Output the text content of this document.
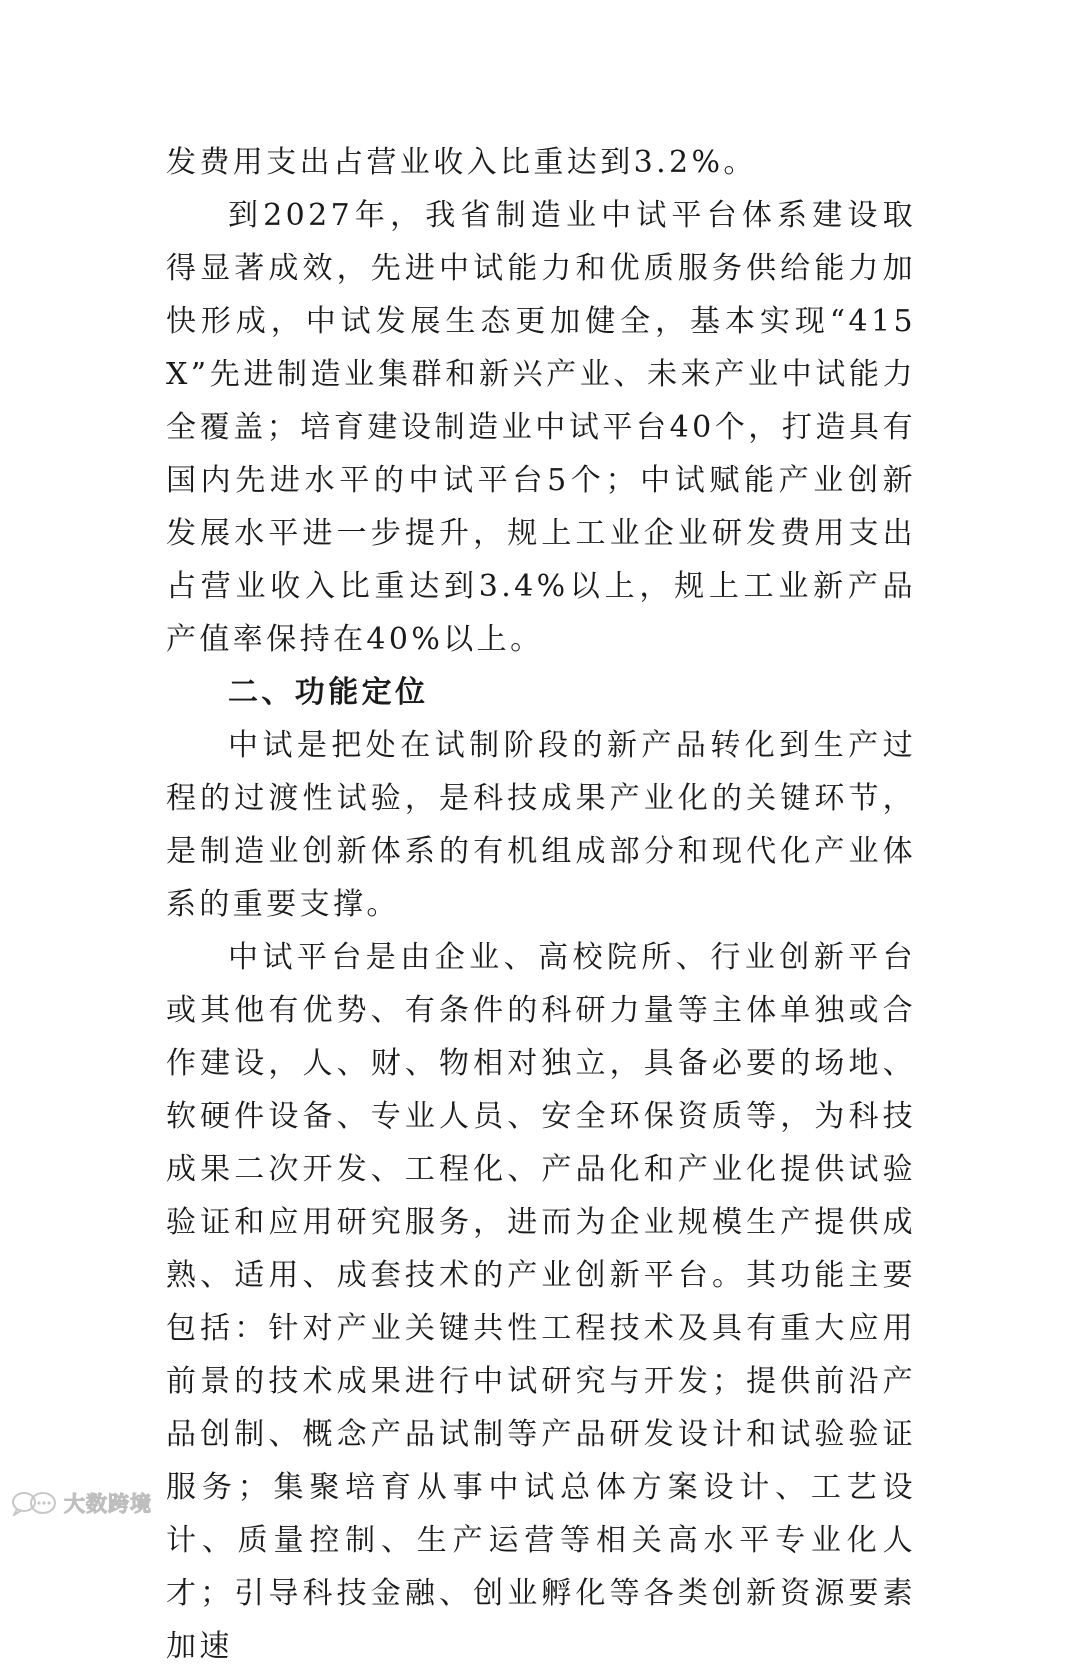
发费用支出占营业收入比重达到3.2%。

到2027年，我省制造业中试平台体系建设取得显著成效，先进中试能力和优质服务供给能力加快形成，中试发展生态更加健全，基本实现“415X”先进制造业集群和新兴产业、未来产业中试能力全覆盖；培育建设制造业中试平台40个，打造具有国内先进水平的中试平台5个；中试赋能产业创新发展水平进一步提升，规上工业企业研发费用支出占营业收入比重达到3.4%以上，规上工业新产品产值率保持在40%以上。

二、功能定位

中试是把处在试制阶段的新产品转化到生产过程的过渡性试验，是科技成果产业化的关键环节，是制造业创新体系的有机组成部分和现代化产业体系的重要支撑。

中试平台是由企业、高校院所、行业创新平台或其他有优势、有条件的科研力量等主体单独或合作建设，人、财、物相对独立，具备必要的场地、软硬件设备、专业人员、安全环保资质等，为科技成果二次开发、工程化、产品化和产业化提供试验验证和应用研究服务，进而为企业规模生产提供成熟、适用、成套技术的产业创新平台。其功能主要包括：针对产业关键共性工程技术及具有重大应用前景的技术成果进行中试研究与开发；提供前沿产品创制、概念产品试制等产品研发设计和试验验证服务；集聚培育从事中试总体方案设计、工艺设计、质量控制、生产运营等相关高水平专业化人才；引导科技金融、创业孵化等各类创新资源要素加速

大数跨境
